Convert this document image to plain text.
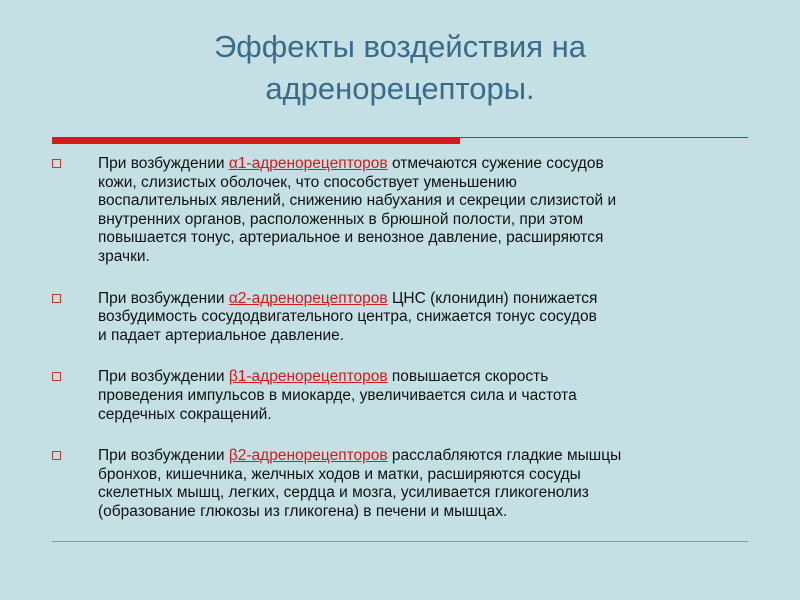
Эффекты воздействия на
адренорецепторы.
При возбуждении α1-адренорецепторов отмечаются сужение сосудов
кожи, слизистых оболочек, что способствует уменьшению
воспалительных явлений, снижению набухания и секреции слизистой и
внутренних органов, расположенных в брюшной полости, при этом
повышается тонус, артериальное и венозное давление, расширяются
зрачки.
При возбуждении α2-адренорецепторов ЦНС (клонидин) понижается
возбудимость сосудодвигательного центра, снижается тонус сосудов
и падает артериальное давление.
При возбуждении β1-адренорецепторов повышается скорость
проведения импульсов в миокарде, увеличивается сила и частота
сердечных сокращений.
При возбуждении β2-адренорецепторов расслабляются гладкие мышцы
бронхов, кишечника, желчных ходов и матки, расширяются сосуды
скелетных мышц, легких, сердца и мозга, усиливается гликогенолиз
(образование глюкозы из гликогена) в печени и мышцах.
